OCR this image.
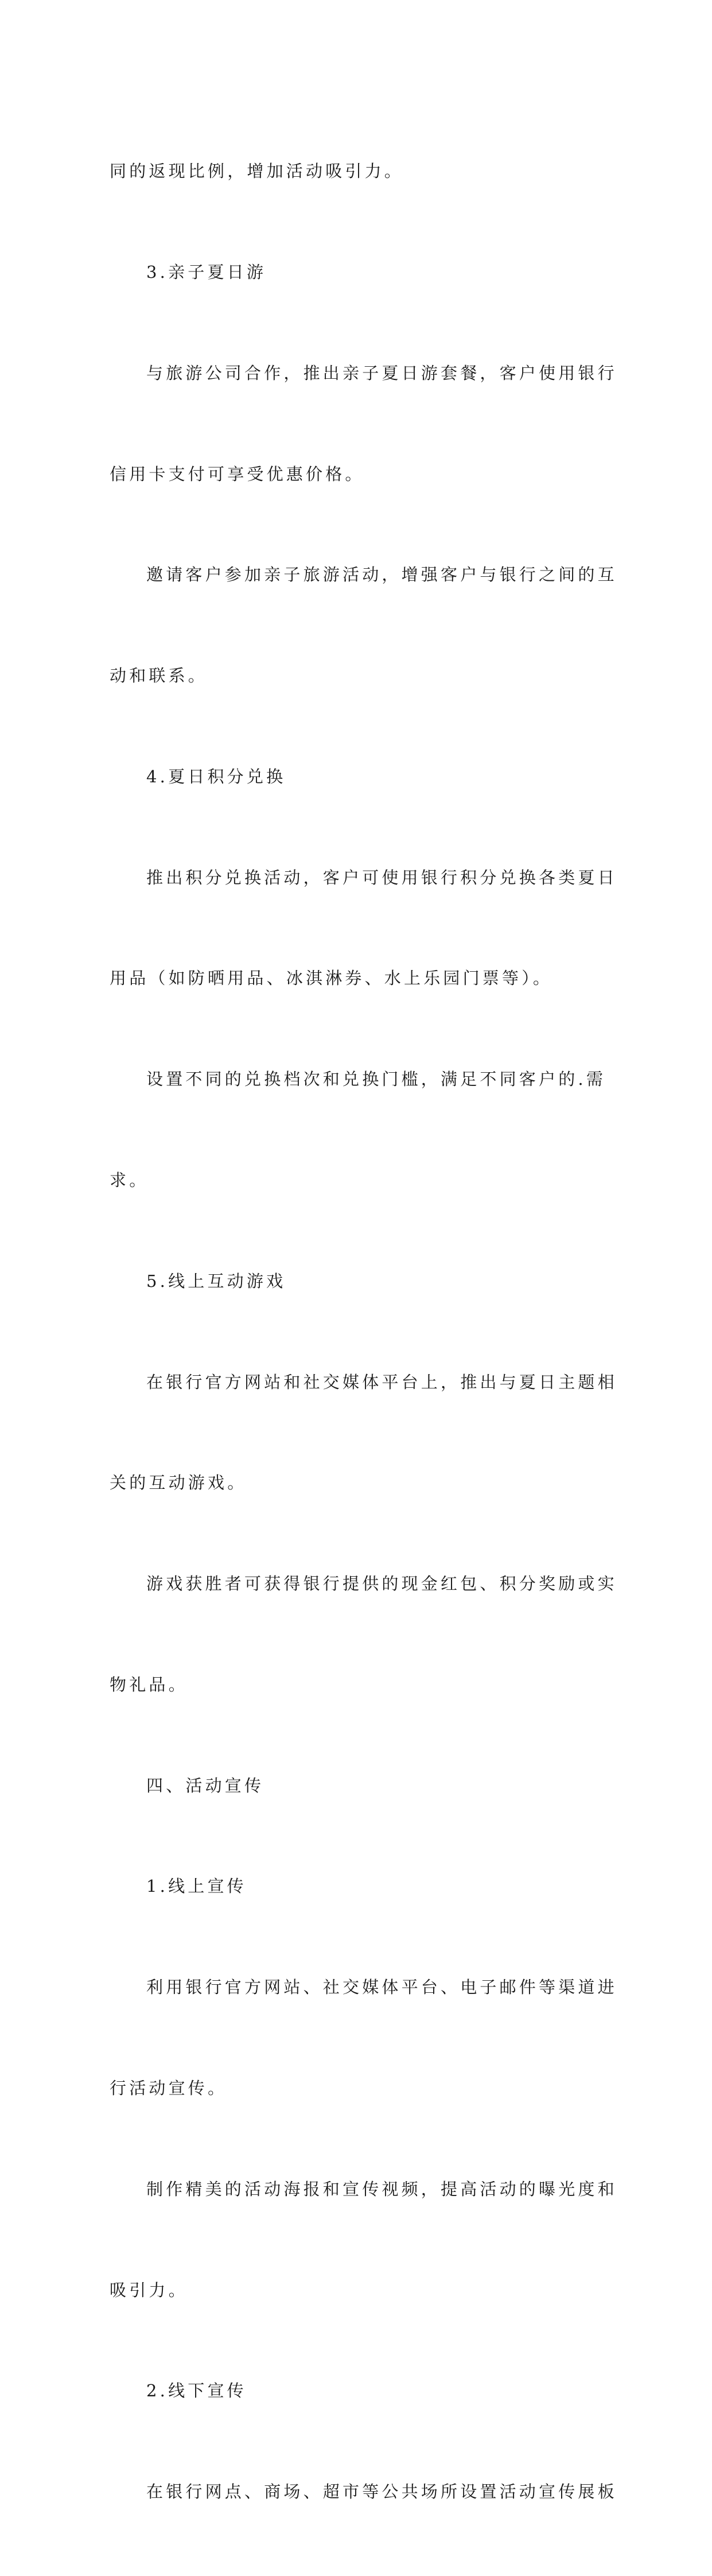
同的返现比例，增加活动吸引力。

3.亲子夏日游

与旅游公司合作，推出亲子夏日游套餐，客户使用银行

信用卡支付可享受优惠价格。

邀请客户参加亲子旅游活动，增强客户与银行之间的互

动和联系。

4.夏日积分兑换

推出积分兑换活动，客户可使用银行积分兑换各类夏日

用品（如防晒用品、冰淇淋券、水上乐园门票等）。

设置不同的兑换档次和兑换门槛，满足不同客户的.需

求。

5.线上互动游戏

在银行官方网站和社交媒体平台上，推出与夏日主题相

关的互动游戏。

游戏获胜者可获得银行提供的现金红包、积分奖励或实

物礼品。

四、活动宣传

1.线上宣传

利用银行官方网站、社交媒体平台、电子邮件等渠道进

行活动宣传。

制作精美的活动海报和宣传视频，提高活动的曝光度和

吸引力。

2.线下宣传

在银行网点、商场、超市等公共场所设置活动宣传展板
